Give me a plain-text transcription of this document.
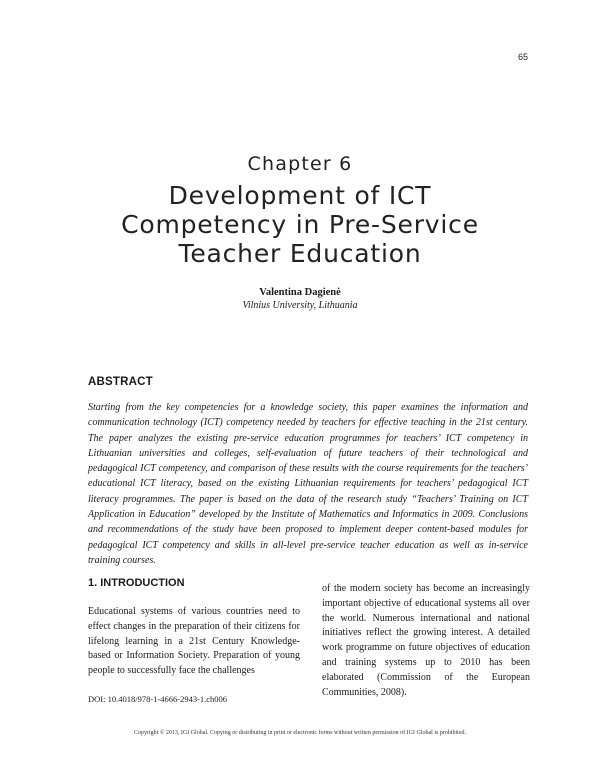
65
Chapter 6
Development of ICT
Competency in Pre-Service
Teacher Education
Valentina Dagienė
Vilnius University, Lithuania
ABSTRACT

Starting from the key competencies for a knowledge society, this paper examines the information and communication technology (ICT) competency needed by teachers for effective teaching in the 21st century. The paper analyzes the existing pre-service education programmes for teachers’ ICT competency in Lithuanian universities and colleges, self-evaluation of future teachers of their technological and pedagogical ICT competency, and comparison of these results with the course requirements for the teachers’ educational ICT literacy, based on the existing Lithuanian requirements for teachers’ pedagogical ICT literacy programmes. The paper is based on the data of the research study “Teachers’ Training on ICT Application in Education” developed by the Institute of Mathematics and Informatics in 2009. Conclusions and recommendations of the study have been proposed to implement deeper content-based modules for pedagogical ICT competency and skills in all-level pre-service teacher education as well as in-service training courses.

1. INTRODUCTION

Educational systems of various countries need to effect changes in the preparation of their citizens for lifelong learning in a 21st Century Knowledge-based or Information Society. Preparation of young people to successfully face the challenges

of the modern society has become an increasingly important objective of educational systems all over the world. Numerous international and national initiatives reflect the growing interest. A detailed work programme on future objectives of education and training systems up to 2010 has been elaborated (Commission of the European Communities, 2008).

DOI: 10.4018/978-1-4666-2943-1.ch006
Copyright © 2013, IGI Global. Copying or distributing in print or electronic forms without written permission of IGI Global is prohibited.
